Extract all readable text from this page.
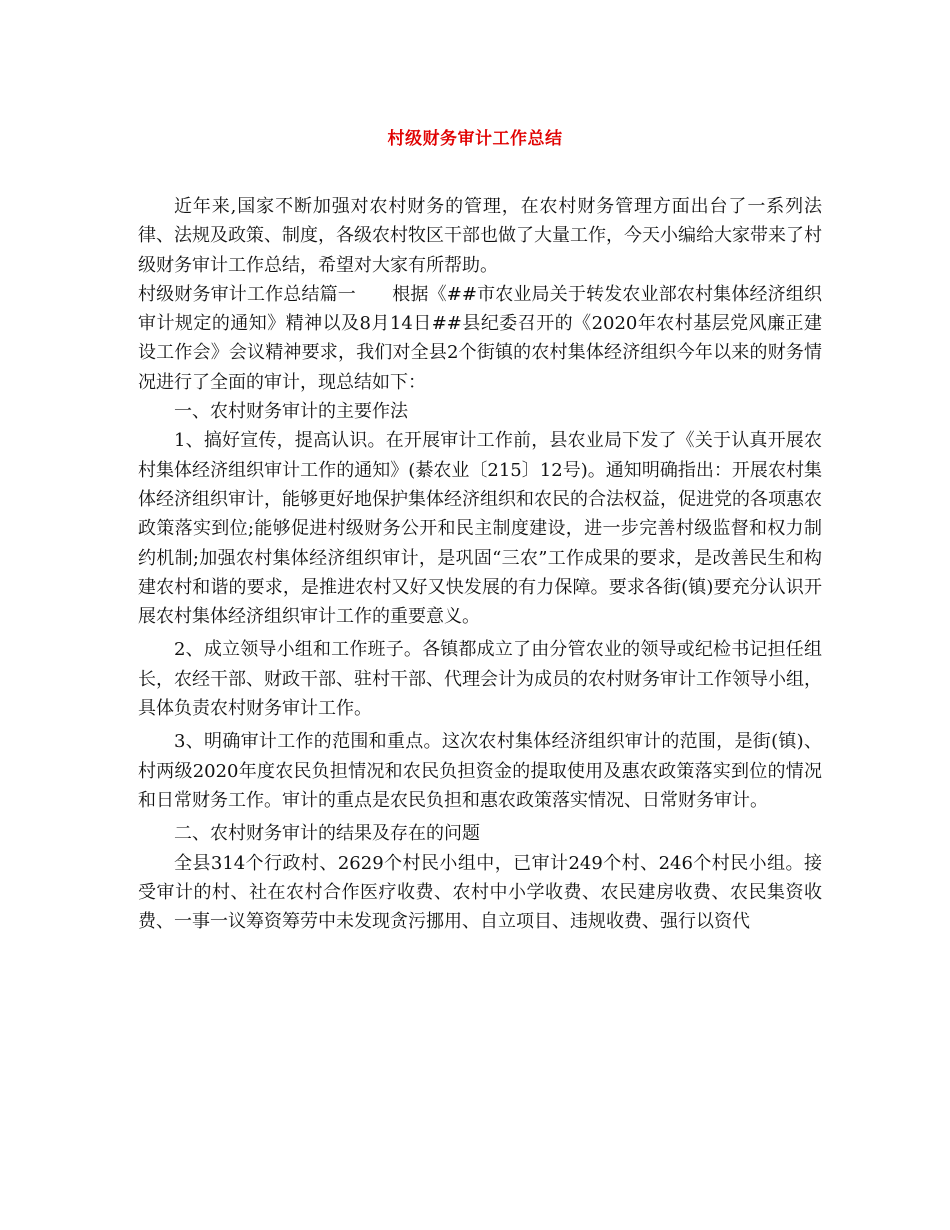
村级财务审计工作总结

近年来,国家不断加强对农村财务的管理，在农村财务管理方面出台了一系列法律、法规及政策、制度，各级农村牧区干部也做了大量工作，今天小编给大家带来了村级财务审计工作总结，希望对大家有所帮助。

村级财务审计工作总结篇一　　根据《##市农业局关于转发农业部农村集体经济组织审计规定的通知》精神以及8月14日##县纪委召开的《2020年农村基层党风廉正建设工作会》会议精神要求，我们对全县2个街镇的农村集体经济组织今年以来的财务情况进行了全面的审计，现总结如下：

一、农村财务审计的主要作法

1、搞好宣传，提高认识。在开展审计工作前，县农业局下发了《关于认真开展农村集体经济组织审计工作的通知》(綦农业〔215〕12号)。通知明确指出：开展农村集体经济组织审计，能够更好地保护集体经济组织和农民的合法权益，促进党的各项惠农政策落实到位;能够促进村级财务公开和民主制度建设，进一步完善村级监督和权力制约机制;加强农村集体经济组织审计，是巩固“三农”工作成果的要求，是改善民生和构建农村和谐的要求，是推进农村又好又快发展的有力保障。要求各街(镇)要充分认识开展农村集体经济组织审计工作的重要意义。

2、成立领导小组和工作班子。各镇都成立了由分管农业的领导或纪检书记担任组长，农经干部、财政干部、驻村干部、代理会计为成员的农村财务审计工作领导小组，具体负责农村财务审计工作。

3、明确审计工作的范围和重点。这次农村集体经济组织审计的范围，是街(镇)、村两级2020年度农民负担情况和农民负担资金的提取使用及惠农政策落实到位的情况和日常财务工作。审计的重点是农民负担和惠农政策落实情况、日常财务审计。

二、农村财务审计的结果及存在的问题

全县314个行政村、2629个村民小组中，已审计249个村、246个村民小组。接受审计的村、社在农村合作医疗收费、农村中小学收费、农民建房收费、农民集资收费、一事一议筹资筹劳中未发现贪污挪用、自立项目、违规收费、强行以资代
